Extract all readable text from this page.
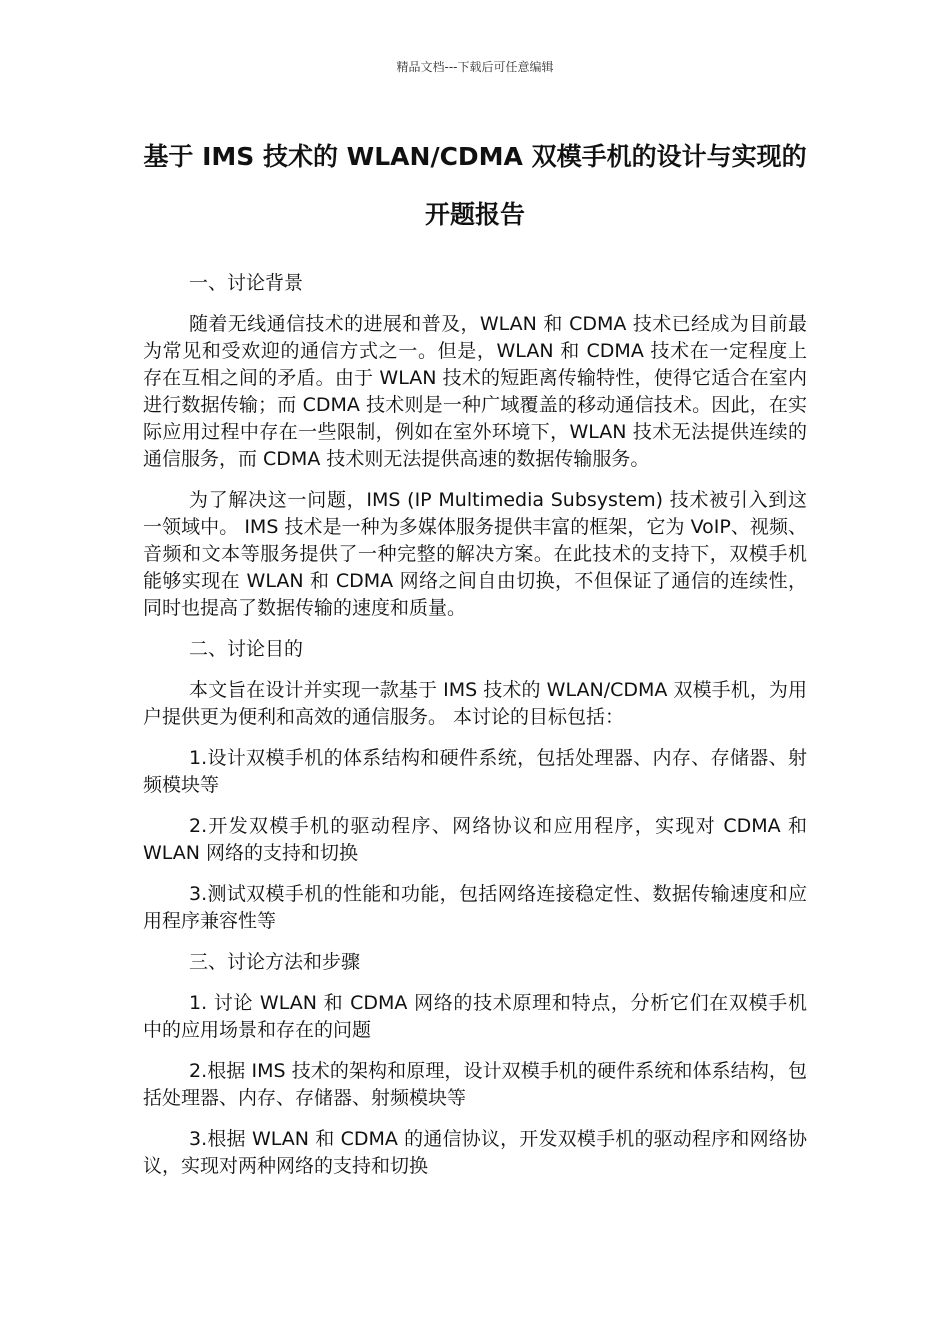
精品文档---下载后可任意编辑
基于 IMS 技术的 WLAN/CDMA 双模手机的设计与实现的开题报告

一、讨论背景

随着无线通信技术的进展和普及，WLAN 和 CDMA 技术已经成为目前最为常见和受欢迎的通信方式之一。但是，WLAN 和 CDMA 技术在一定程度上存在互相之间的矛盾。由于 WLAN 技术的短距离传输特性，使得它适合在室内进行数据传输；而 CDMA 技术则是一种广域覆盖的移动通信技术。因此，在实际应用过程中存在一些限制，例如在室外环境下，WLAN 技术无法提供连续的通信服务，而 CDMA 技术则无法提供高速的数据传输服务。

为了解决这一问题，IMS (IP Multimedia Subsystem) 技术被引入到这一领域中。 IMS 技术是一种为多媒体服务提供丰富的框架，它为 VoIP、视频、音频和文本等服务提供了一种完整的解决方案。在此技术的支持下，双模手机能够实现在 WLAN 和 CDMA 网络之间自由切换，不但保证了通信的连续性，同时也提高了数据传输的速度和质量。

二、讨论目的

本文旨在设计并实现一款基于 IMS 技术的 WLAN/CDMA 双模手机，为用户提供更为便利和高效的通信服务。 本讨论的目标包括：

1.设计双模手机的体系结构和硬件系统，包括处理器、内存、存储器、射频模块等

2.开发双模手机的驱动程序、网络协议和应用程序，实现对 CDMA 和 WLAN 网络的支持和切换

3.测试双模手机的性能和功能，包括网络连接稳定性、数据传输速度和应用程序兼容性等

三、讨论方法和步骤

1. 讨论 WLAN 和 CDMA 网络的技术原理和特点，分析它们在双模手机中的应用场景和存在的问题

2.根据 IMS 技术的架构和原理，设计双模手机的硬件系统和体系结构，包括处理器、内存、存储器、射频模块等

3.根据 WLAN 和 CDMA 的通信协议，开发双模手机的驱动程序和网络协议，实现对两种网络的支持和切换
